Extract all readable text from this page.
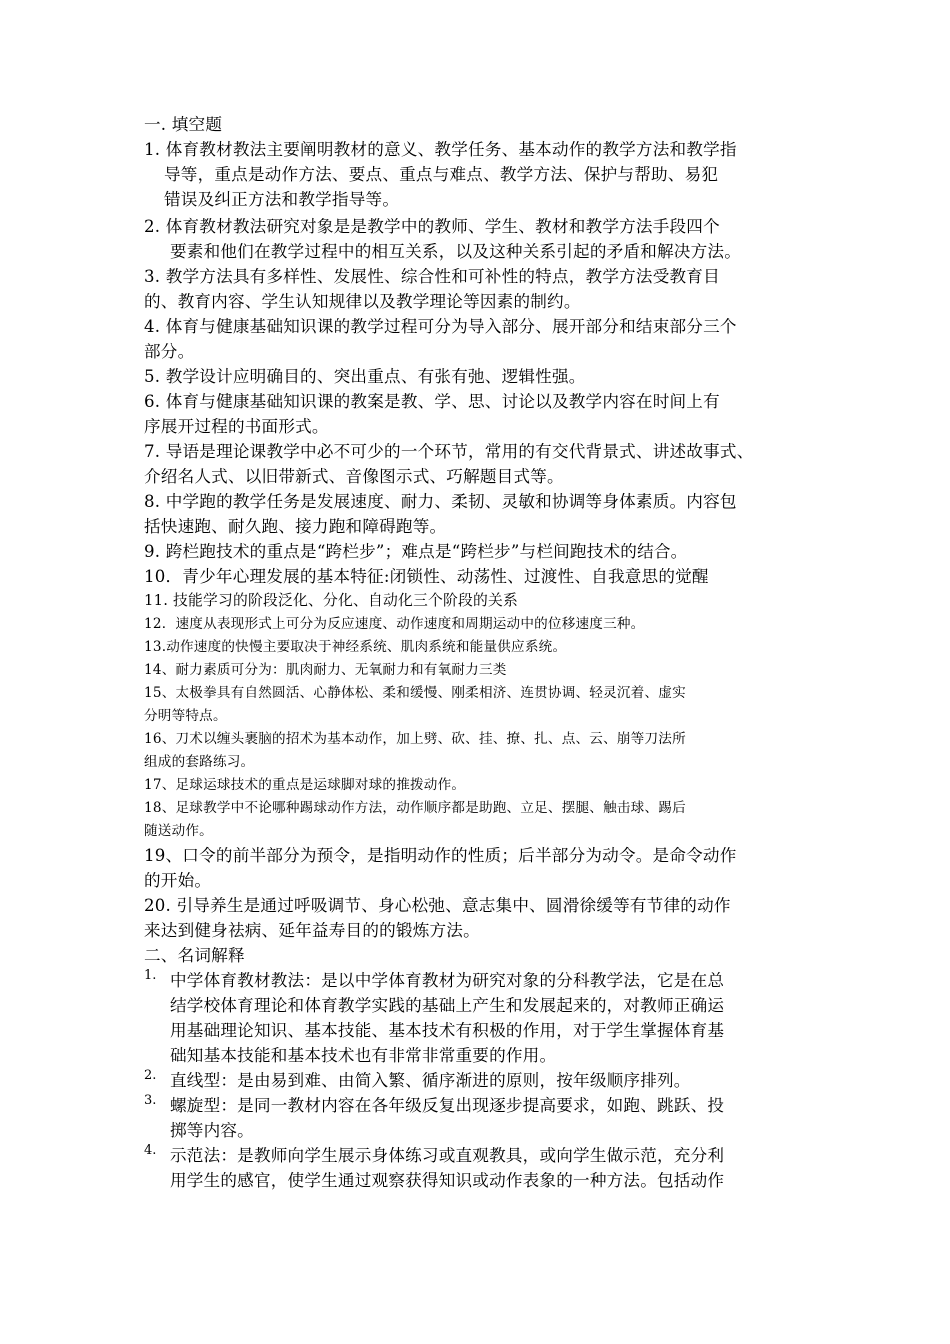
一. 填空题
1. 体育教材教法主要阐明教材的意义、教学任务、基本动作的教学方法和教学指
导等，重点是动作方法、要点、重点与难点、教学方法、保护与帮助、易犯
错误及纠正方法和教学指导等。
2. 体育教材教法研究对象是是教学中的教师、学生、教材和教学方法手段四个
要素和他们在教学过程中的相互关系，以及这种关系引起的矛盾和解决方法。
3. 教学方法具有多样性、发展性、综合性和可补性的特点，教学方法受教育目
的、教育内容、学生认知规律以及教学理论等因素的制约。
4. 体育与健康基础知识课的教学过程可分为导入部分、展开部分和结束部分三个
部分。
5. 教学设计应明确目的、突出重点、有张有弛、逻辑性强。
6. 体育与健康基础知识课的教案是教、学、思、讨论以及教学内容在时间上有
序展开过程的书面形式。
7. 导语是理论课教学中必不可少的一个环节，常用的有交代背景式、讲述故事式、
介绍名人式、以旧带新式、音像图示式、巧解题目式等。
8. 中学跑的教学任务是发展速度、耐力、柔韧、灵敏和协调等身体素质。内容包
括快速跑、耐久跑、接力跑和障碍跑等。
9. 跨栏跑技术的重点是“跨栏步”；难点是“跨栏步”与栏间跑技术的结合。
10．青少年心理发展的基本特征:闭锁性、动荡性、过渡性、自我意思的觉醒
11. 技能学习的阶段泛化、分化、自动化三个阶段的关系
12．速度从表现形式上可分为反应速度、动作速度和周期运动中的位移速度三种。
13.动作速度的快慢主要取决于神经系统、肌肉系统和能量供应系统。
14、耐力素质可分为：肌肉耐力、无氧耐力和有氧耐力三类
15、太极拳具有自然圆活、心静体松、柔和缓慢、刚柔相济、连贯协调、轻灵沉着、虚实
分明等特点。
16、刀术以缠头裹脑的招术为基本动作，加上劈、砍、挂、撩、扎、点、云、崩等刀法所
组成的套路练习。
17、足球运球技术的重点是运球脚对球的推拨动作。
18、足球教学中不论哪种踢球动作方法，动作顺序都是助跑、立足、摆腿、触击球、踢后
随送动作。
19、口令的前半部分为预令，是指明动作的性质；后半部分为动令。是命令动作
的开始。
20. 引导养生是通过呼吸调节、身心松弛、意志集中、圆滑徐缓等有节律的动作
来达到健身祛病、延年益寿目的的锻炼方法。
二、名词解释
1. 中学体育教材教法：是以中学体育教材为研究对象的分科教学法，它是在总
结学校体育理论和体育教学实践的基础上产生和发展起来的，对教师正确运
用基础理论知识、基本技能、基本技术有积极的作用，对于学生掌握体育基
础知基本技能和基本技术也有非常非常重要的作用。
2. 直线型：是由易到难、由简入繁、循序渐进的原则，按年级顺序排列。
3. 螺旋型：是同一教材内容在各年级反复出现逐步提高要求，如跑、跳跃、投
掷等内容。
4. 示范法：是教师向学生展示身体练习或直观教具，或向学生做示范，充分利
用学生的感官，使学生通过观察获得知识或动作表象的一种方法。包括动作
